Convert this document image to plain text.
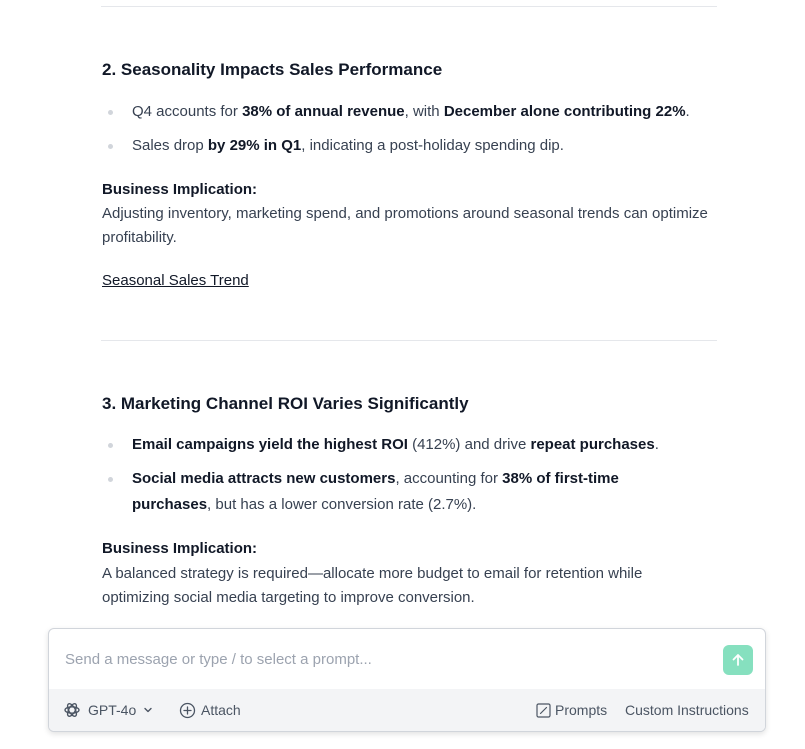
2. Seasonality Impacts Sales Performance
Q4 accounts for 38% of annual revenue, with December alone contributing 22%.
Sales drop by 29% in Q1, indicating a post-holiday spending dip.
Business Implication:
Adjusting inventory, marketing spend, and promotions around seasonal trends can optimize profitability.
Seasonal Sales Trend
3. Marketing Channel ROI Varies Significantly
Email campaigns yield the highest ROI (412%) and drive repeat purchases.
Social media attracts new customers, accounting for 38% of first-time purchases, but has a lower conversion rate (2.7%).
Business Implication:
A balanced strategy is required—allocate more budget to email for retention while optimizing social media targeting to improve conversion.
Send a message or type / to select a prompt...
GPT-4o	Attach	Prompts Custom Instructions
